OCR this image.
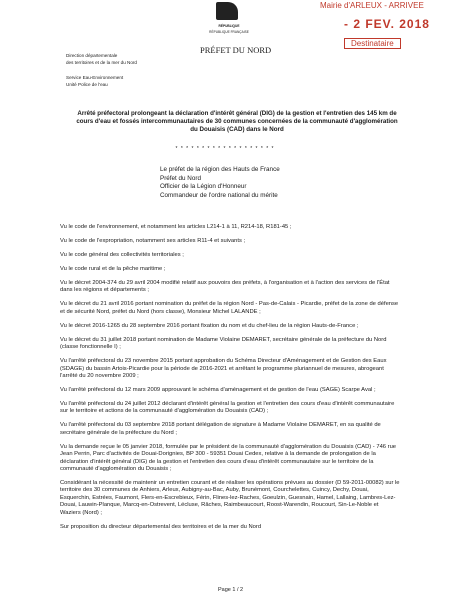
RÉPUBLIQUE
RÉPUBLIQUE FRANÇAISE
Mairie d'ARLEUX - ARRIVEE
- 2 FEV. 2018
Destinataire
PRÉFET DU NORD
Direction départementale
des territoires et de la mer du Nord
Service Eau-Environnement
Unité Police de l'eau
Arrêté préfectoral prolongeant la déclaration d'intérêt général (DIG) de la gestion et l'entretien des 145 km de cours d'eau et fossés intercommunautaires de 30 communes concernées de la communauté d'agglomération du Douaisis (CAD) dans le Nord
* * * * * * * * * * * * * * * * * * *
Le préfet de la région des Hauts de France
Préfet du Nord
Officier de la Légion d'Honneur
Commandeur de l'ordre national du mérite

Vu le code de l'environnement, et notamment les articles L214-1 à 11, R214-18, R181-45 ;

Vu le code de l'expropriation, notamment ses articles R11-4 et suivants ;

Vu le code général des collectivités territoriales ;

Vu le code rural et de la pêche maritime ;

Vu le décret 2004-374 du 29 avril 2004 modifié relatif aux pouvoirs des préfets, à l'organisation et à l'action des services de l'État dans les régions et départements ;

Vu le décret du 21 avril 2016 portant nomination du préfet de la région Nord - Pas-de-Calais - Picardie, préfet de la zone de défense et de sécurité Nord, préfet du Nord (hors classe), Monsieur Michel LALANDE ;

Vu le décret 2016-1265 du 28 septembre 2016 portant fixation du nom et du chef-lieu de la région Hauts-de-France ;

Vu le décret du 31 juillet 2018 portant nomination de Madame Violaine DEMARET, secrétaire générale de la préfecture du Nord (classe fonctionnelle I) ;

Vu l'arrêté préfectoral du 23 novembre 2015 portant approbation du Schéma Directeur d'Aménagement et de Gestion des Eaux (SDAGE) du bassin Artois-Picardie pour la période de 2016-2021 et arrêtant le programme pluriannuel de mesures, abrogeant l'arrêté du 20 novembre 2009 ;

Vu l'arrêté préfectoral du 12 mars 2009 approuvant le schéma d'aménagement et de gestion de l'eau (SAGE) Scarpe Aval ;

Vu l'arrêté préfectoral du 24 juillet 2012 déclarant d'intérêt général la gestion et l'entretien des cours d'eau d'intérêt communautaire sur le territoire et actions de la communauté d'agglomération du Douaisis (CAD) ;

Vu l'arrêté préfectoral du 03 septembre 2018 portant délégation de signature à Madame Violaine DEMARET, en sa qualité de secrétaire générale de la préfecture du Nord ;

Vu la demande reçue le 05 janvier 2018, formulée par le président de la communauté d'agglomération du Douaisis (CAD) - 746 rue Jean Perrin, Parc d'activités de Douai-Dorignies, BP 300 - 59351 Douai Cedex, relative à la demande de prolongation de la déclaration d'intérêt général (DIG) de la gestion et l'entretien des cours d'eau d'intérêt communautaire sur le territoire de la communauté d'agglomération du Douaisis ;

Considérant la nécessité de maintenir un entretien courant et de réaliser les opérations prévues au dossier (D 59-2011-00082) sur le territoire des 30 communes de Anhiers, Arleux, Aubigny-au-Bac, Auby, Brunémont, Courchelettes, Cuincy, Dechy, Douai, Esquerchin, Estrées, Faumont, Flers-en-Escrebieux, Férin, Flines-lez-Raches, Goeulzin, Guesnain, Hamel, Lallaing, Lambres-Lez-Douai, Lauwin-Planque, Marcq-en-Ostrevent, Lécluse, Râches, Raimbeaucourt, Roost-Warendin, Roucourt, Sin-Le-Noble et Waziers (Nord) ;

Sur proposition du directeur départemental des territoires et de la mer du Nord

Page 1 / 2
